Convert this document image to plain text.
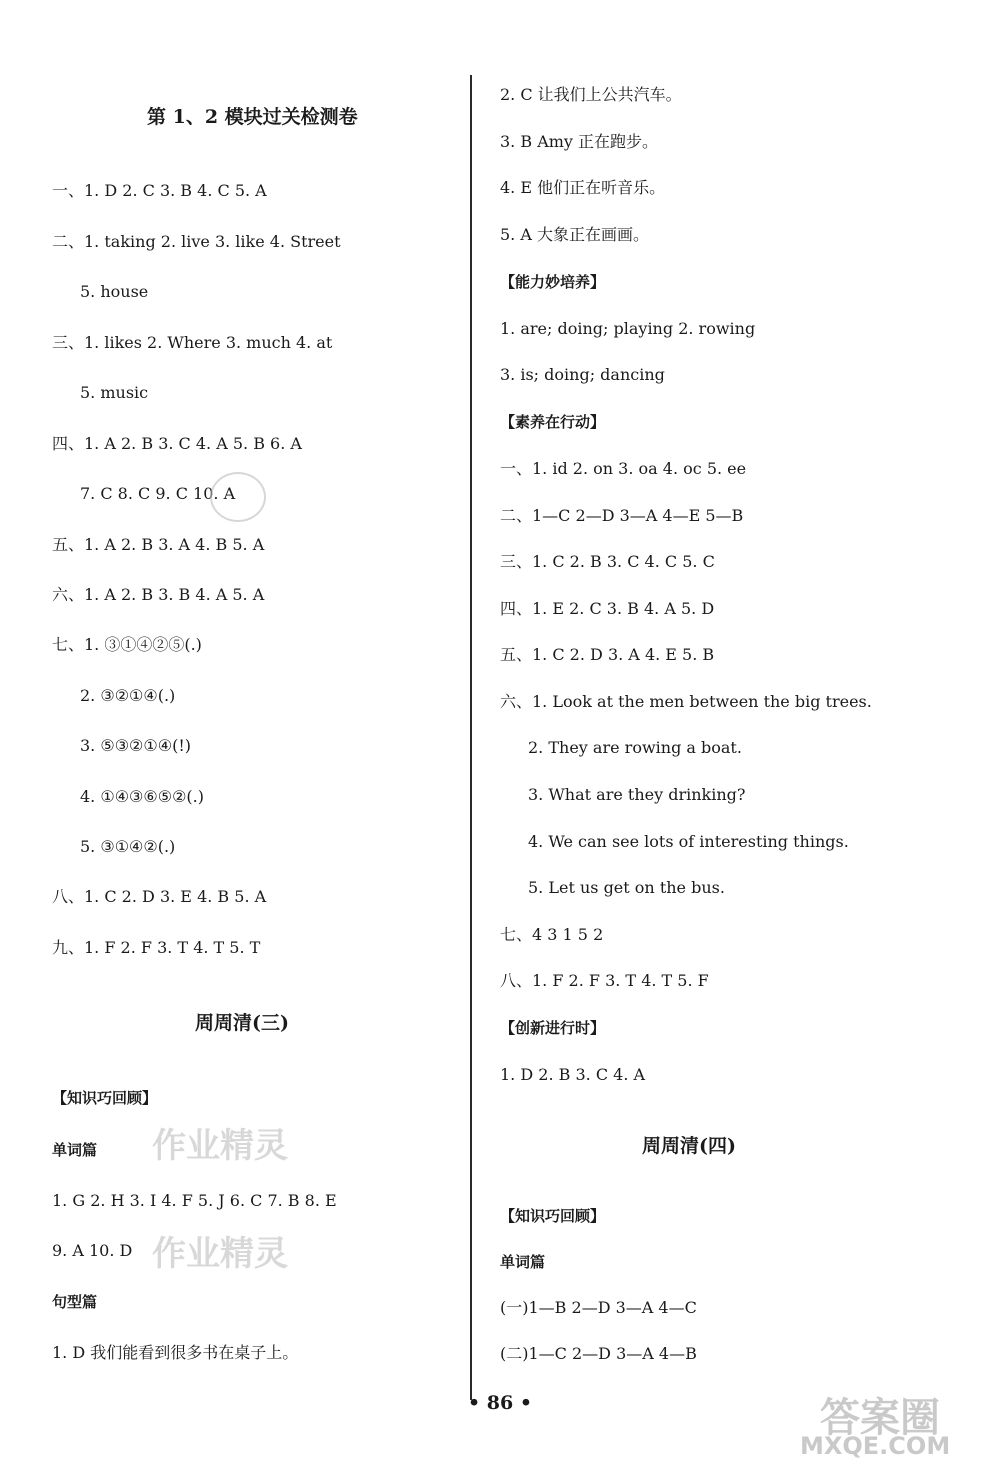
第 1、2 模块过关检测卷
一、1. D 2. C 3. B 4. C 5. A
二、1. taking 2. live 3. like 4. Street
5. house
三、1. likes 2. Where 3. much 4. at
5. music
四、1. A 2. B 3. C 4. A 5. B 6. A
7. C 8. C 9. C 10. A
五、1. A 2. B 3. A 4. B 5. A
六、1. A 2. B 3. B 4. A 5. A
七、1. ③①④②⑤(.)
2. ③②①④(.)
3. ⑤③②①④(!)
4. ①④③⑥⑤②(.)
5. ③①④②(.)
八、1. C 2. D 3. E 4. B 5. A
九、1. F 2. F 3. T 4. T 5. T
周周清(三)
【知识巧回顾】
单词篇
1. G 2. H 3. I 4. F 5. J 6. C 7. B 8. E
9. A 10. D
句型篇
1. D 我们能看到很多书在桌子上。
2. C 让我们上公共汽车。
3. B Amy 正在跑步。
4. E 他们正在听音乐。
5. A 大象正在画画。
【能力妙培养】
1. are; doing; playing 2. rowing
3. is; doing; dancing
【素养在行动】
一、1. id 2. on 3. oa 4. oc 5. ee
二、1—C 2—D 3—A 4—E 5—B
三、1. C 2. B 3. C 4. C 5. C
四、1. E 2. C 3. B 4. A 5. D
五、1. C 2. D 3. A 4. E 5. B
六、1. Look at the men between the big trees.
2. They are rowing a boat.
3. What are they drinking?
4. We can see lots of interesting things.
5. Let us get on the bus.
七、4 3 1 5 2
八、1. F 2. F 3. T 4. T 5. F
【创新进行时】
1. D 2. B 3. C 4. A
周周清(四)
【知识巧回顾】
单词篇
(一)1—B 2—D 3—A 4—C
(二)1—C 2—D 3—A 4—B
• 86 •
作业精灵
作业精灵
答案圈
MXQE.COM
